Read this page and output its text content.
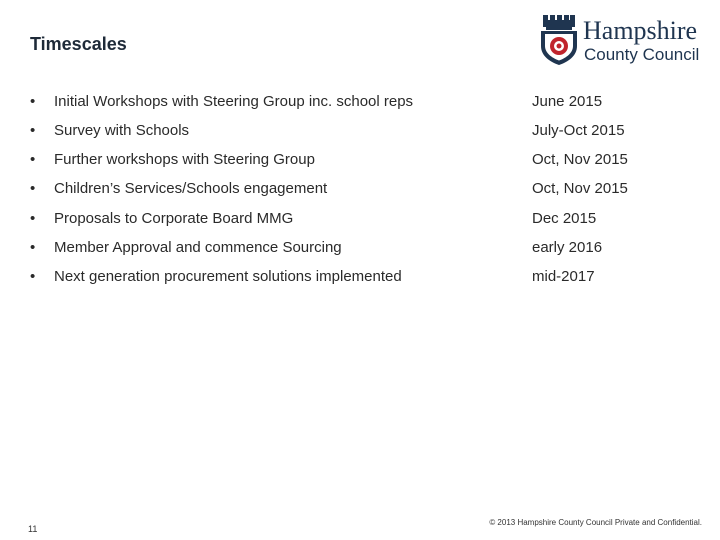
Timescales	Hampshire
County Council
• Initial Workshops with Steering Group inc. school reps	June 2015
• Survey with Schools	July-Oct 2015
• Further workshops with Steering Group	Oct, Nov 2015
• Children’s Services/Schools engagement	Oct, Nov 2015
• Proposals to Corporate Board MMG	Dec 2015
• Member Approval and commence Sourcing	early 2016
• Next generation procurement solutions implemented	mid-2017
11
© 2013 Hampshire County Council Private and Confidential.
